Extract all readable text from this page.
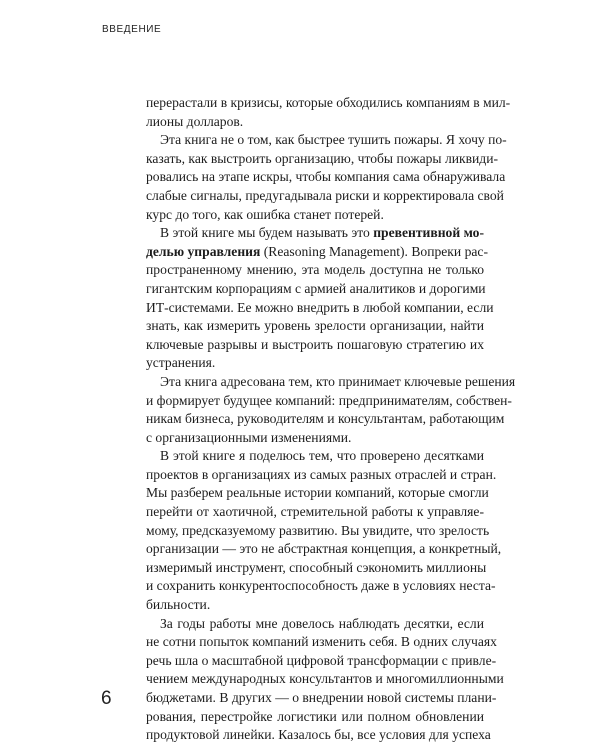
ВВЕДЕНИЕ
перерастали в кризисы, которые обходились компаниям в мил-
лионы долларов.
Эта книга не о том, как быстрее тушить пожары. Я хочу по-
казать, как выстроить организацию, чтобы пожары ликвиди-
ровались на этапе искры, чтобы компания сама обнаруживала
слабые сигналы, предугадывала риски и корректировала свой
курс до того, как ошибка станет потерей.
В этой книге мы будем называть это превентивной мо-
делью управления (Reasoning Management). Вопреки рас-
пространенному мнению, эта модель доступна не только
гигантским корпорациям с армией аналитиков и дорогими
ИТ-системами. Ее можно внедрить в любой компании, если
знать, как измерить уровень зрелости организации, найти
ключевые разрывы и выстроить пошаговую стратегию их
устранения.
Эта книга адресована тем, кто принимает ключевые решения
и формирует будущее компаний: предпринимателям, собствен-
никам бизнеса, руководителям и консультантам, работающим
с организационными изменениями.
В этой книге я поделюсь тем, что проверено десятками
проектов в организациях из самых разных отраслей и стран.
Мы разберем реальные истории компаний, которые смогли
перейти от хаотичной, стремительной работы к управляе-
мому, предсказуемому развитию. Вы увидите, что зрелость
организации — это не абстрактная концепция, а конкретный,
измеримый инструмент, способный сэкономить миллионы
и сохранить конкурентоспособность даже в условиях неста-
бильности.
За годы работы мне довелось наблюдать десятки, если
не сотни попыток компаний изменить себя. В одних случаях
речь шла о масштабной цифровой трансформации с привле-
чением международных консультантов и многомиллионными
бюджетами. В других — о внедрении новой системы плани-
рования, перестройке логистики или полном обновлении
продуктовой линейки. Казалось бы, все условия для успеха
6
